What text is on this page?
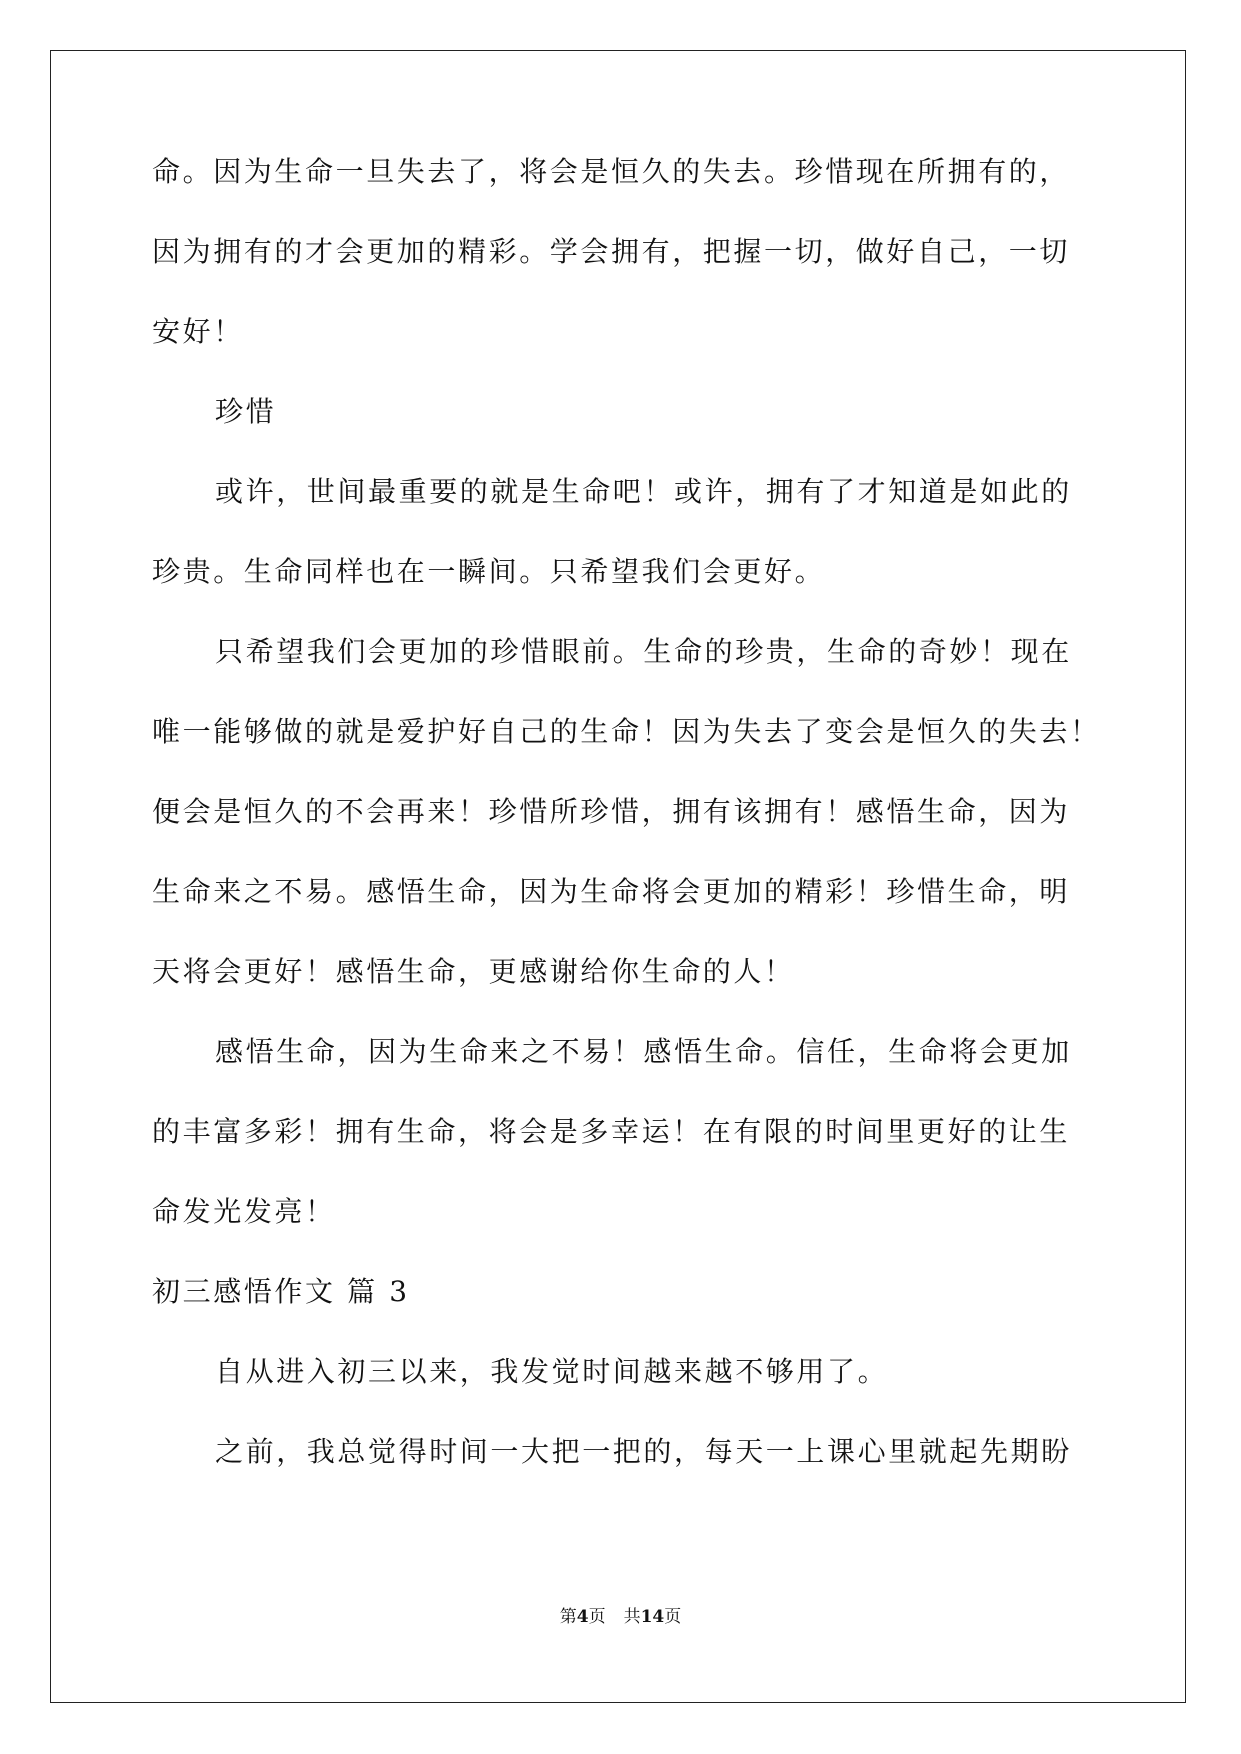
命。因为生命一旦失去了，将会是恒久的失去。珍惜现在所拥有的，
因为拥有的才会更加的精彩。学会拥有，把握一切，做好自己，一切
安好！
珍惜
或许，世间最重要的就是生命吧！或许，拥有了才知道是如此的
珍贵。生命同样也在一瞬间。只希望我们会更好。
只希望我们会更加的珍惜眼前。生命的珍贵，生命的奇妙！现在
唯一能够做的就是爱护好自己的生命！因为失去了变会是恒久的失去！
便会是恒久的不会再来！珍惜所珍惜，拥有该拥有！感悟生命，因为
生命来之不易。感悟生命，因为生命将会更加的精彩！珍惜生命，明
天将会更好！感悟生命，更感谢给你生命的人！
感悟生命，因为生命来之不易！感悟生命。信任，生命将会更加
的丰富多彩！拥有生命，将会是多幸运！在有限的时间里更好的让生
命发光发亮！
初三感悟作文 篇 3
自从进入初三以来，我发觉时间越来越不够用了。
之前，我总觉得时间一大把一把的，每天一上课心里就起先期盼
第4页 共14页
